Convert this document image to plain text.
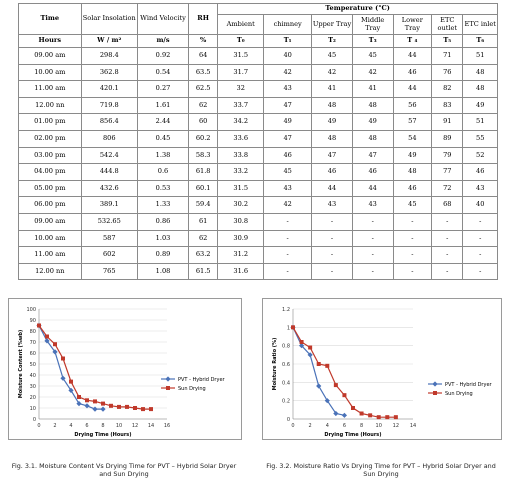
Time	Solar Insolation	Wind Velocity	RH	Temperature (°C)						
				Ambient	chimney	Upper Tray	Middle Tray	Lower Tray	ETC outlet	ETC inlet
Hours	W / m²	m/s	%	T₀	T₁	T₂	T₃	T ₄	T₅	T₆
09.00 am	298.4	0.92	64	31.5	40	45	45	44	71	51
10.00 am	362.8	0.54	63.5	31.7	42	42	42	46	76	48
11.00 am	420.1	0.27	62.5	32	43	41	41	44	82	48
12.00 nn	719.8	1.61	62	33.7	47	48	48	56	83	49
01.00 pm	856.4	2.44	60	34.2	49	49	49	57	91	51
02.00 pm	806	0.45	60.2	33.6	47	48	48	54	89	55
03.00 pm	542.4	1.38	58.3	33.8	46	47	47	49	79	52
04.00 pm	444.8	0.6	61.8	33.2	45	46	46	48	77	46
05.00 pm	432.6	0.53	60.1	31.5	43	44	44	46	72	43
06.00 pm	389.1	1.33	59.4	30.2	42	43	43	45	68	40
09.00 am	532.65	0.86	61	30.8	-	-	-	-	-	-
10.00 am	587	1.03	62	30.9	-	-	-	-	-	-
11.00 am	602	0.89	63.2	31.2	-	-	-	-	-	-
12.00 nn	765	1.08	61.5	31.6	-	-	-	-	-	-
0
10
20
30
40
50
60
70
80
90
100
0	2	4	6	8 10 12 14 16
Drying Time (Hours)
Moisture Content (%wb)	PVT - Hybrid Dryer
Sun Drying
0
0.2
0.4
0.6
0.8
1
1.2
0	2	4	6	8 10 12 14
Drying Time (Hours)
Moisture Ratio (%)	PVT - Hybrid Dryer
Sun Drying
Fig. 3.1. Moisture Content Vs Drying Time for PVT – Hybrid Solar Dryer and Sun Drying
Fig. 3.2. Moisture Ratio Vs Drying Time for PVT – Hybrid Solar Dryer and Sun Drying
